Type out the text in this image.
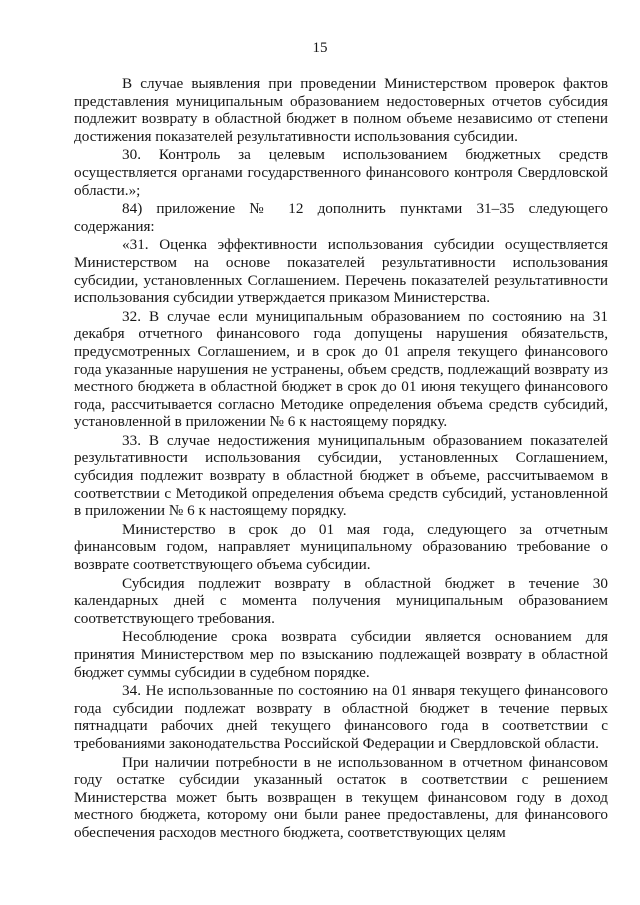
15

В случае выявления при проведении Министерством проверок фактов представления муниципальным образованием недостоверных отчетов субсидия подлежит возврату в областной бюджет в полном объеме независимо от степени достижения показателей результативности использования субсидии.

30. Контроль за целевым использованием бюджетных средств осуществляется органами государственного финансового контроля Свердловской области.»;

84) приложение № 12 дополнить пунктами 31–35 следующего содержания:

«31. Оценка эффективности использования субсидии осуществляется Министерством на основе показателей результативности использования субсидии, установленных Соглашением. Перечень показателей результативности использования субсидии утверждается приказом Министерства.

32. В случае если муниципальным образованием по состоянию на 31 декабря отчетного финансового года допущены нарушения обязательств, предусмотренных Соглашением, и в срок до 01 апреля текущего финансового года указанные нарушения не устранены, объем средств, подлежащий возврату из местного бюджета в областной бюджет в срок до 01 июня текущего финансового года, рассчитывается согласно Методике определения объема средств субсидий, установленной в приложении № 6 к настоящему порядку.

33. В случае недостижения муниципальным образованием показателей результативности использования субсидии, установленных Соглашением, субсидия подлежит возврату в областной бюджет в объеме, рассчитываемом в соответствии с Методикой определения объема средств субсидий, установленной в приложении № 6 к настоящему порядку.

Министерство в срок до 01 мая года, следующего за отчетным финансовым годом, направляет муниципальному образованию требование о возврате соответствующего объема субсидии.

Субсидия подлежит возврату в областной бюджет в течение 30 календарных дней с момента получения муниципальным образованием соответствующего требования.

Несоблюдение срока возврата субсидии является основанием для принятия Министерством мер по взысканию подлежащей возврату в областной бюджет суммы субсидии в судебном порядке.

34. Не использованные по состоянию на 01 января текущего финансового года субсидии подлежат возврату в областной бюджет в течение первых пятнадцати рабочих дней текущего финансового года в соответствии с требованиями законодательства Российской Федерации и Свердловской области.

При наличии потребности в не использованном в отчетном финансовом году остатке субсидии указанный остаток в соответствии с решением Министерства может быть возвращен в текущем финансовом году в доход местного бюджета, которому они были ранее предоставлены, для финансового обеспечения расходов местного бюджета, соответствующих целям
